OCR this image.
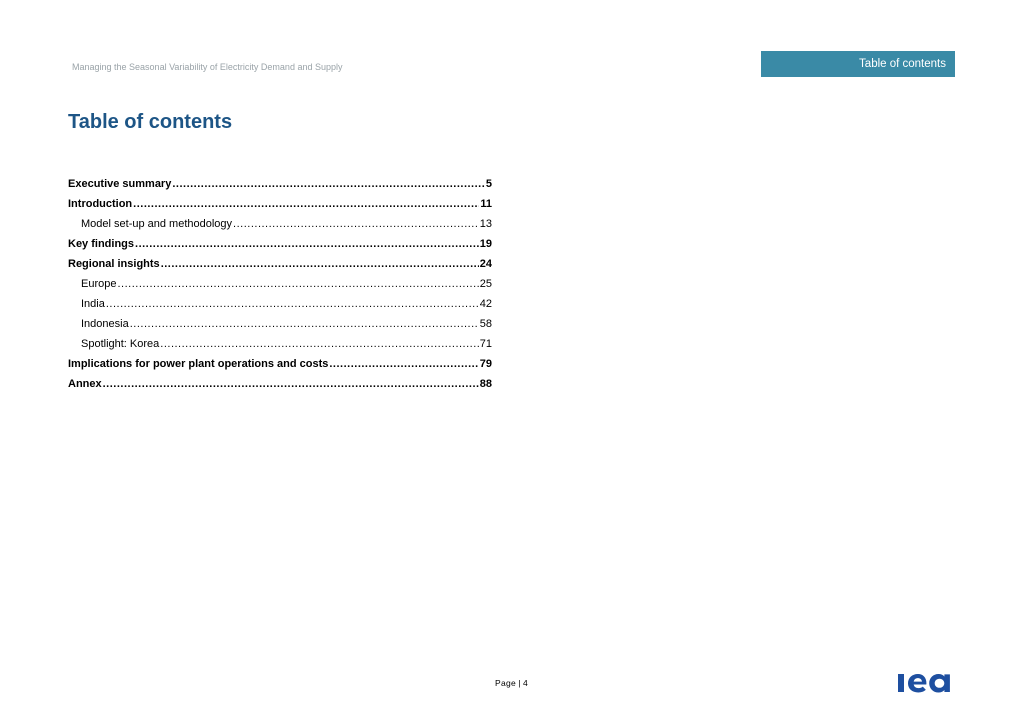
Managing the Seasonal Variability of Electricity Demand and Supply	Table of contents
Table of contents
Executive summary .....	5
Introduction .....	11
Model set-up and methodology .....	13
Key findings .....	19
Regional insights .....	24
Europe .....	25
India .....	42
Indonesia .....	58
Spotlight: Korea .....	71
Implications for power plant operations and costs .....	79
Annex .....	88
Page | 4
